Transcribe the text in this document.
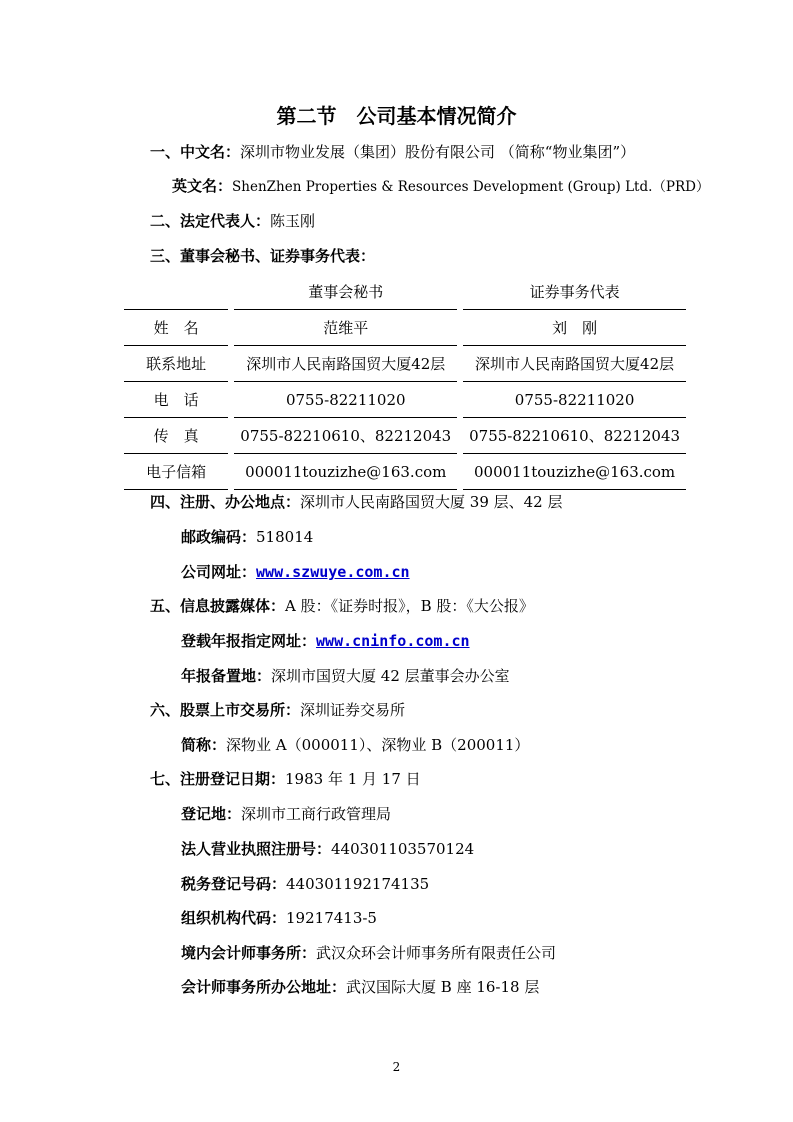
第二节　公司基本情况简介
一、中文名：深圳市物业发展（集团）股份有限公司 （简称“物业集团”）
英文名：ShenZhen Properties & Resources Development (Group) Ltd.（PRD）
二、法定代表人：陈玉刚
三、董事会秘书、证券事务代表：
		董事会秘书		证券事务代表
姓　名		范维平		刘　刚
联系地址		深圳市人民南路国贸大厦42层		深圳市人民南路国贸大厦42层
电　话		0755-82211020		0755-82211020
传　真		0755-82210610、82212043		0755-82210610、82212043
电子信箱		000011touzizhe@163.com		000011touzizhe@163.com
四、注册、办公地点：深圳市人民南路国贸大厦 39 层、42 层
邮政编码：518014
公司网址：www.szwuye.com.cn
五、信息披露媒体：A 股：《证券时报》，B 股：《大公报》
登载年报指定网址：www.cninfo.com.cn
年报备置地：深圳市国贸大厦 42 层董事会办公室
六、股票上市交易所：深圳证券交易所
简称：深物业 A（000011）、深物业 B（200011）
七、注册登记日期：1983 年 1 月 17 日
登记地：深圳市工商行政管理局
法人营业执照注册号：440301103570124
税务登记号码：440301192174135
组织机构代码：19217413-5
境内会计师事务所：武汉众环会计师事务所有限责任公司
会计师事务所办公地址：武汉国际大厦 B 座 16-18 层
2
